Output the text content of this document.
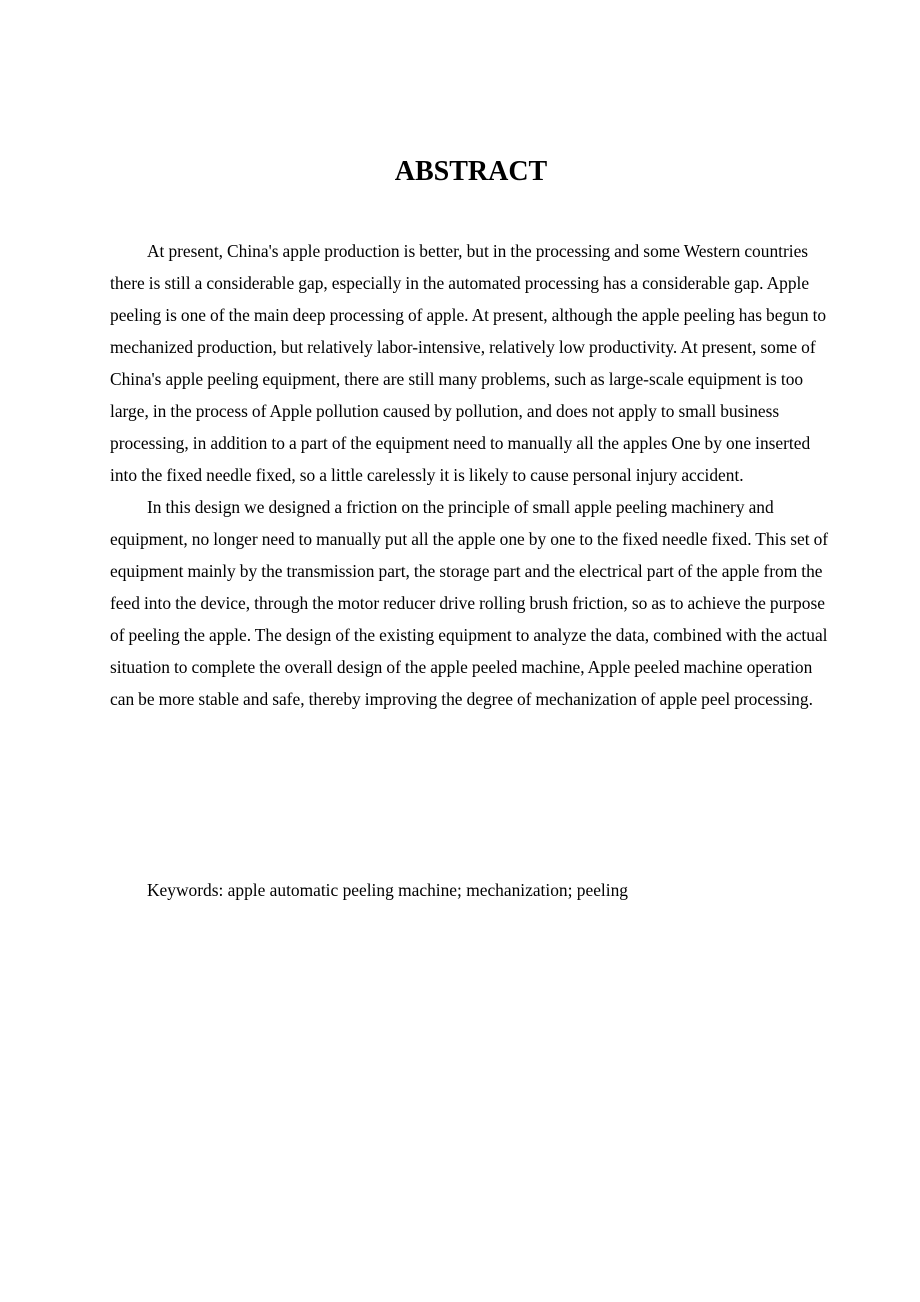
ABSTRACT

At present, China's apple production is better, but in the processing and some Western countries there is still a considerable gap, especially in the automated processing has a considerable gap. Apple peeling is one of the main deep processing of apple. At present, although the apple peeling has begun to mechanized production, but relatively labor-intensive, relatively low productivity. At present, some of China's apple peeling equipment, there are still many problems, such as large-scale equipment is too large, in the process of Apple pollution caused by pollution, and does not apply to small business processing, in addition to a part of the equipment need to manually all the apples One by one inserted into the fixed needle fixed, so a little carelessly it is likely to cause personal injury accident.

In this design we designed a friction on the principle of small apple peeling machinery and equipment, no longer need to manually put all the apple one by one to the fixed needle fixed. This set of equipment mainly by the transmission part, the storage part and the electrical part of the apple from the feed into the device, through the motor reducer drive rolling brush friction, so as to achieve the purpose of peeling the apple. The design of the existing equipment to analyze the data, combined with the actual situation to complete the overall design of the apple peeled machine, Apple peeled machine operation can be more stable and safe, thereby improving the degree of mechanization of apple peel processing.

Keywords: apple automatic peeling machine; mechanization; peeling
